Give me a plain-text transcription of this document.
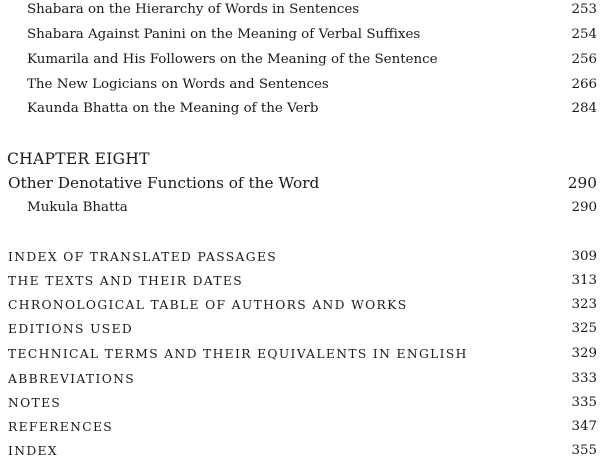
Shabara on the Hierarchy of Words in Sentences	253
Shabara Against Panini on the Meaning of Verbal Suffixes	254
Kumarila and His Followers on the Meaning of the Sentence	256
The New Logicians on Words and Sentences	266
Kaunda Bhatta on the Meaning of the Verb	284
CHAPTER EIGHT
Other Denotative Functions of the Word	290
Mukula Bhatta	290
INDEX OF TRANSLATED PASSAGES	309
THE TEXTS AND THEIR DATES	313
CHRONOLOGICAL TABLE OF AUTHORS AND WORKS	323
EDITIONS USED	325
TECHNICAL TERMS AND THEIR EQUIVALENTS IN ENGLISH	329
ABBREVIATIONS	333
NOTES	335
REFERENCES	347
INDEX	355
